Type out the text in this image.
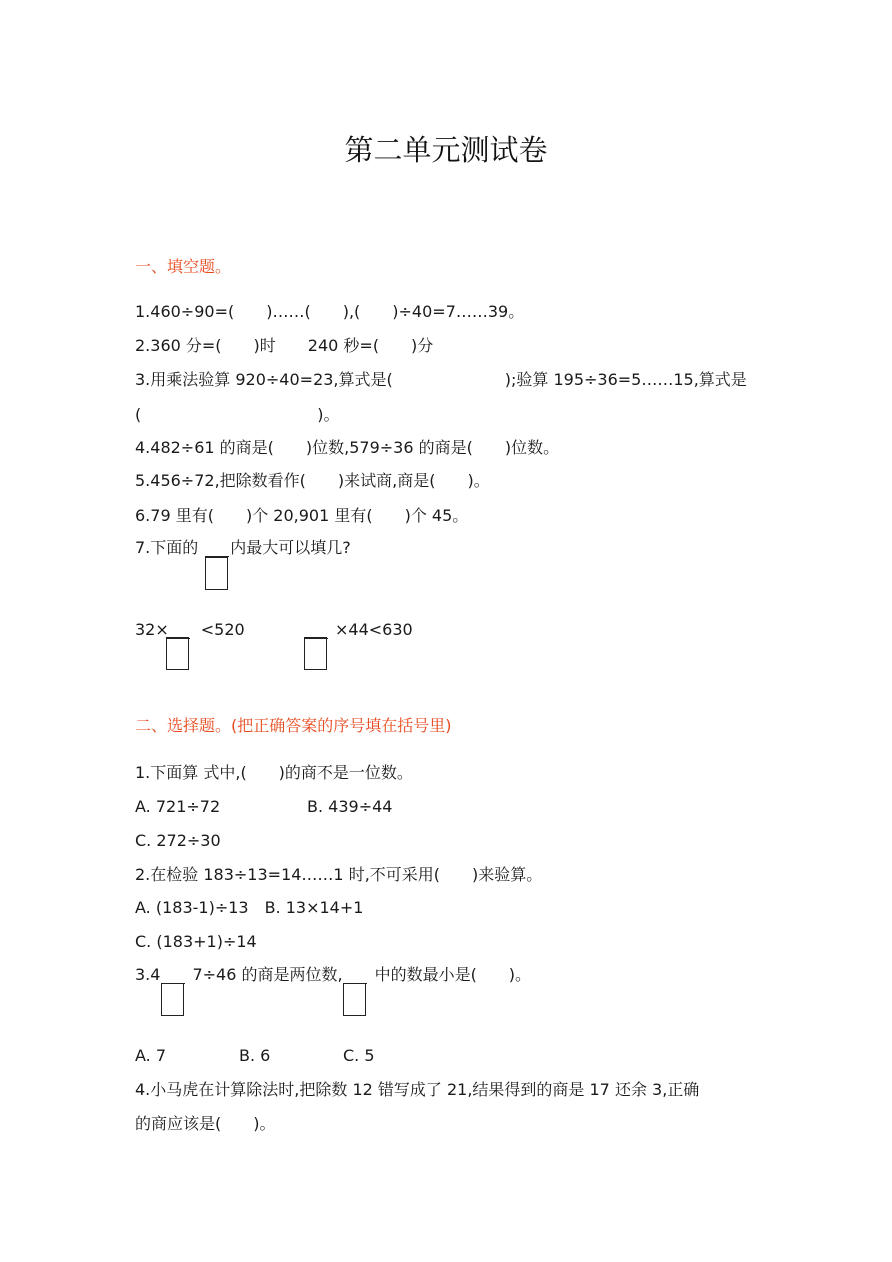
第二单元测试卷
一、填空题。
1.460÷90=(　　)……(　　),(　　)÷40=7……39。
2.360 分=(　　)时　　240 秒=(　　)分
3.用乘法验算 920÷40=23,算式是(　　　　　　　);验算 195÷36=5……15,算式是
(　　　　　　　　　　　)。
4.482÷61 的商是(　　)位数,579÷36 的商是(　　)位数。
5.456÷72,把除数看作(　　)来试商,商是(　　)。
6.79 里有(　　)个 20,901 里有(　　)个 45。
7.下面的　　内最大可以填几?
32×　　<520	　　×44<630
二、选择题。(把正确答案的序号填在括号里)
1.下面算 式中,(　　)的商不是一位数。
A. 721÷72	B. 439÷44
C. 272÷30
2.在检验 183÷13=14……1 时,不可采用(　　)来验算。
A. (183-1)÷13　B. 13×14+1
C. (183+1)÷14
3.4　　7÷46 的商是两位数,　　中的数最小是(　　)。
A. 7	B. 6	C. 5
4.小马虎在计算除法时,把除数 12 错写成了 21,结果得到的商是 17 还余 3,正确
的商应该是(　　)。
